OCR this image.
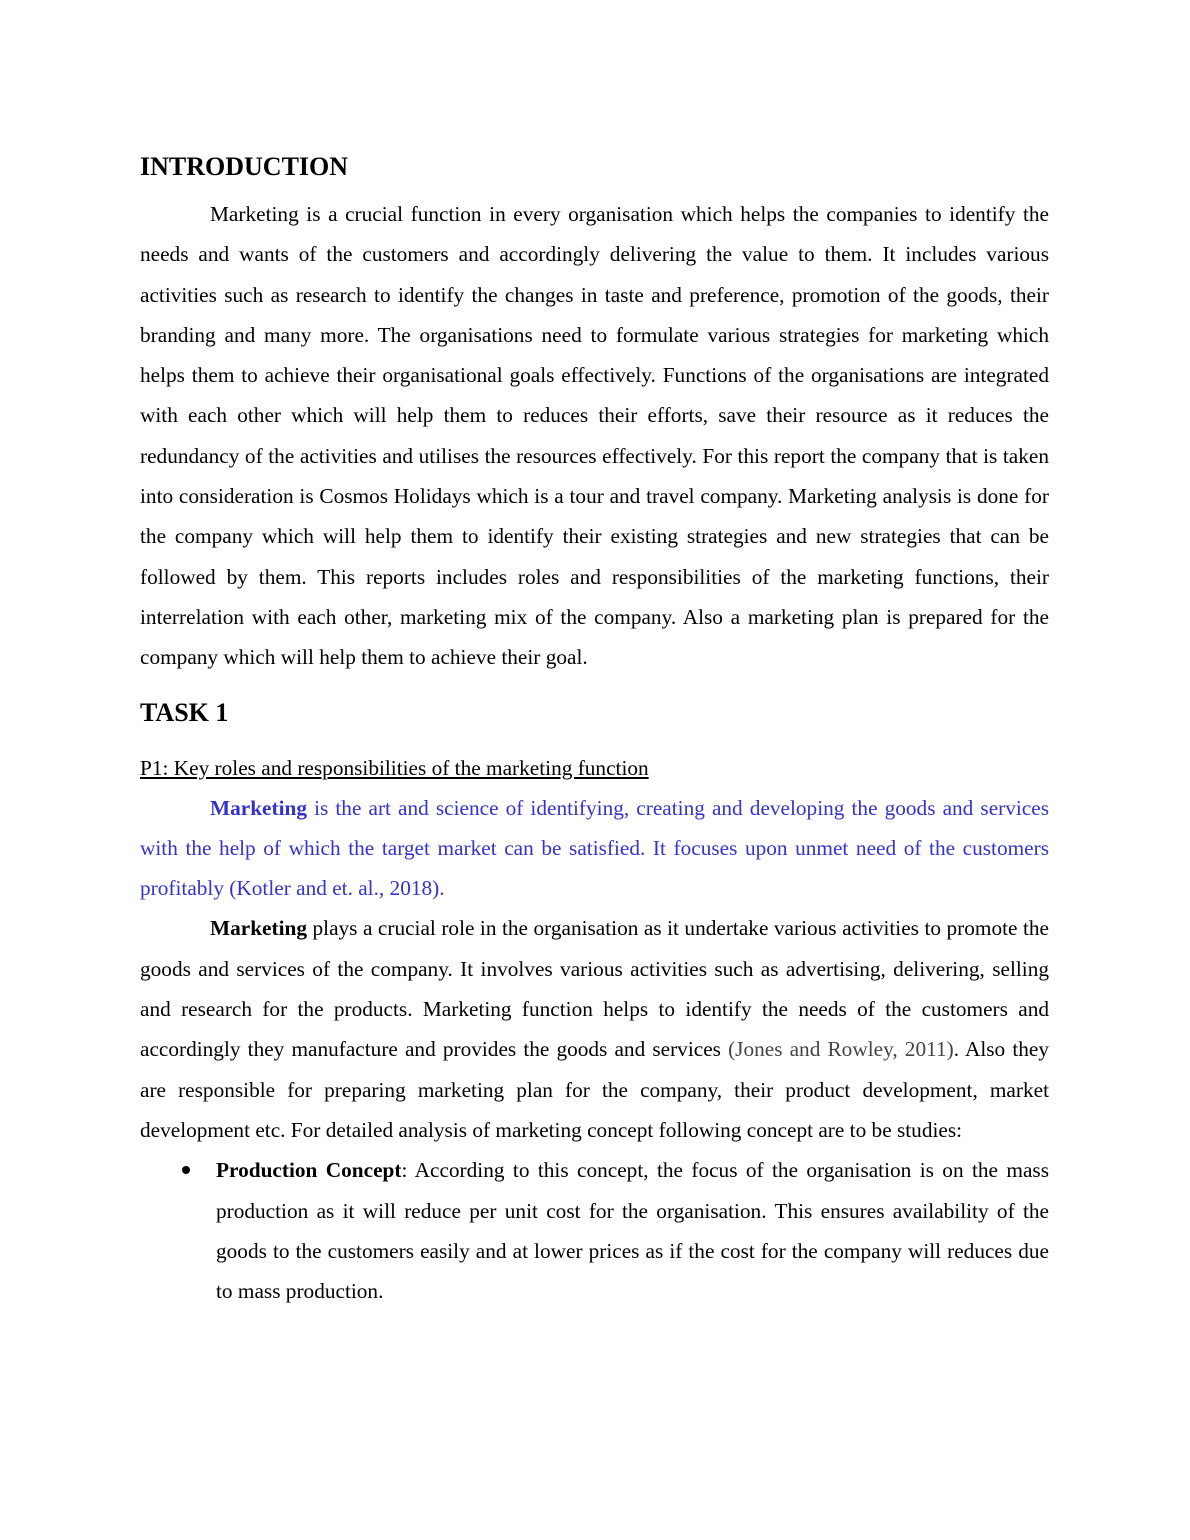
INTRODUCTION

Marketing is a crucial function in every organisation which helps the companies to identify the needs and wants of the customers and accordingly delivering the value to them. It includes various activities such as research to identify the changes in taste and preference, promotion of the goods, their branding and many more. The organisations need to formulate various strategies for marketing which helps them to achieve their organisational goals effectively. Functions of the organisations are integrated with each other which will help them to reduces their efforts, save their resource as it reduces the redundancy of the activities and utilises the resources effectively. For this report the company that is taken into consideration is Cosmos Holidays which is a tour and travel company. Marketing analysis is done for the company which will help them to identify their existing strategies and new strategies that can be followed by them. This reports includes roles and responsibilities of the marketing functions, their interrelation with each other, marketing mix of the company. Also a marketing plan is prepared for the company which will help them to achieve their goal.

TASK 1
P1: Key roles and responsibilities of the marketing function

Marketing is the art and science of identifying, creating and developing the goods and services with the help of which the target market can be satisfied. It focuses upon unmet need of the customers profitably (Kotler and et. al., 2018).

Marketing plays a crucial role in the organisation as it undertake various activities to promote the goods and services of the company. It involves various activities such as advertising, delivering, selling and research for the products. Marketing function helps to identify the needs of the customers and accordingly they manufacture and provides the goods and services (Jones and Rowley, 2011). Also they are responsible for preparing marketing plan for the company, their product development, market development etc. For detailed analysis of marketing concept following concept are to be studies:

Production Concept: According to this concept, the focus of the organisation is on the mass production as it will reduce per unit cost for the organisation. This ensures availability of the goods to the customers easily and at lower prices as if the cost for the company will reduces due to mass production.
